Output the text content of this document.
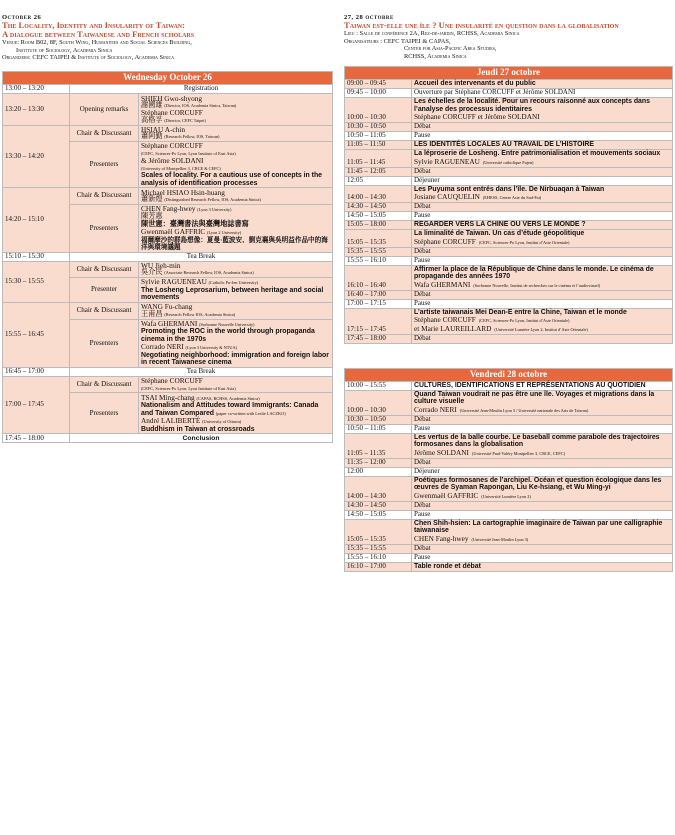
October 26
The Locality, Identity and Insularity of Taiwan:
A dialogue between Taiwanese and French scholars
Venue: Room B02, 8F, South Wing, Humanities and Social Sciences Building,
Institute of Sociology, Academia Sinica
Organizers: CEFC TAIPEI & Institute of Sociology, Academia Sinica
Wednesday October 26		
13:00 – 13:20	Registration	
13:20 – 13:30	Opening remarks	SHIEH Gwo-shyong
謝國雄 (Director, IOS, Academia Sinica, Taiwan)
Stéphane CORCUFF
高格孚 (Director, CEFC Taipei)

13:30 – 14:20	Chair & Discussant	HSIAU A-chin
蕭阿勤 (Research Fellow, IOS, Taiwan)

	Presenters	Stéphane CORCUFF
(CEFC, Sciences-Po Lyon, Lyon Institute of East Asia)
& Jérôme SOLDANI
(University of Montpellier 3, CRCE & CEFC)
Scales of locality. For a cautious use of concepts in the analysis of identification processes

14:20 – 15:10	Chair & Discussant	Michael HSIAO Hsin-huang
蕭新煌 (Distinguished Research Fellow, IOS, Academia Sinica)

	Presenters	CHEN Fang-hwey (Lyon 3 University)
陳芳惠
陳世憲：臺灣書法與臺灣地誌書寫
Gwenmaël GAFFRIC (Lyon 2 University)
福爾摩沙的群島想像：夏曼·藍波安、劉克襄與吳明益作品中的海洋與環境議題

15:10 – 15:30	Tea Break	
15:30 – 15:55	Chair & Discussant	WU Jieh-min
吳介民 (Associate Research Fellow, IOS, Academia Sinica)

	Presenter	Sylvie RAGUENEAU (Catholic Fu-Jen University)
The Losheng Leprosarium, between heritage and social movements

15:55 – 16:45	Chair & Discussant	WANG Fu-chang
王甫昌 (Research Fellow IOS, Academia Sinica)

	Presenters	Wafa GHERMANI (Sorbonne Nouvelle University)
Promoting the ROC in the world through propaganda cinema in the 1970s
Corrado NERI (Lyon 3 University & NTUA)
Negotiating neighborhood: immigration and foreign labor in recent Taiwanese cinema

16:45 – 17:00	Tea Break	
17:00 – 17:45	Chair & Discussant	Stéphane CORCUFF
(CEFC, Sciences-Po Lyon, Lyon Institute of East Asia)

	Presenters	TSAI Ming-chang (CAPAS, RCHSS, Academia Sinica)
Nationalism and Attitudes toward Immigrants: Canada and Taiwan Compared (paper co-written with Leslie LACZKO)
André LALIBERTÉ (University of Ottawa)
Buddhism in Taiwan at crossroads

17:45 – 18:00	Conclusion	
27, 28 octobre
Taiwan est-elle une île ? Une insularité en question dans la globalisation
Lieu : Salle de conférence 2A, Rez-de-jardin, RCHSS, Academia Sinica
Organisateurs : CEFC TAIPEI & CAPAS,
Center for Asia-Pacific Area Studies,
RCHSS, Academia Sinica
Jeudi 27 octobre	
09:00 – 09:45	Accueil des intervenants et du public

09:45 – 10:00	Ouverture par Stéphane CORCUFF et Jérôme SOLDANI

10:00 – 10:30	Les échelles de la localité. Pour un recours raisonné aux concepts dans l’analyse des processus identitaires
Stéphane CORCUFF et Jérôme SOLDANI

10:30 – 10:50	Débat

10:50 – 11:05	Pause

11:05 – 11:50	LES IDENTITÉS LOCALES AU TRAVAIL DE L’HISTOIRE

11:05 – 11:45	La léproserie de Losheng. Entre patrimonialisation et mouvements sociaux
Sylvie RAGUENEAU (Université catholique Fujen)

11:45 – 12:05	Débat

12:05	Déjeuner

14:00 – 14:30	Les Puyuma sont entrés dans l’île. De Nirbuaqan à Taiwan
Josiane CAUQUELIN (EHESS, Centre Asie du Sud-Est)

14:30 – 14:50	Débat

14:50 – 15:05	Pause

15:05 – 18:00	REGARDER VERS LA CHINE OU VERS LE MONDE ?

15:05 – 15:35	La liminalité de Taiwan. Un cas d’étude géopolitique
Stéphane CORCUFF (CEFC, Sciences-Po Lyon, Institut d’Asie Orientale)

15:35 – 15:55	Débat

15:55 – 16:10	Pause

16:10 – 16:40	Affirmer la place de la République de Chine dans le monde. Le cinéma de propagande des années 1970
Wafa GHERMANI (Sorbonne Nouvelle, Institut de recherches sur le cinéma et l’audiovisuel)

16:40 – 17:00	Débat

17:00 – 17:15	Pause

17:15 – 17:45	L’artiste taiwanais Mei Dean-E entre la Chine, Taiwan et le monde
Stéphane CORCUFF (CEFC, Sciences-Po Lyon, Institut d’Asie Orientale)
et Marie LAUREILLARD (Université Lumière Lyon 2, Institut d’Asie Orientale)

17:45 – 18:00	Débat
Vendredi 28 octobre	
10:00 – 15:55	CULTURES, IDENTIFICATIONS ET REPRÉSENTATIONS AU QUOTIDIEN

10:00 – 10:30	Quand Taiwan voudrait ne pas être une île. Voyages et migrations dans la culture visuelle
Corrado NERI (Université Jean-Moulin Lyon 3 / Université nationale des Arts de Taiwan)

10:30 – 10:50	Débat

10:50 – 11:05	Pause

11:05 – 11:35	Les vertus de la balle courbe. Le baseball comme parabole des trajectoires formosanes dans la globalisation
Jérôme SOLDANI (Université Paul-Valéry Montpellier 3, CRCE, CEFC)

11:35 – 12:00	Débat

12:00	Déjeuner

14:00 – 14:30	Poétiques formosanes de l’archipel. Océan et question écologique dans les œuvres de Syaman Rapongan, Liu Ke-hsiang, et Wu Ming-yi
Gwenmaël GAFFRIC (Université Lumière Lyon 2)

14:30 – 14:50	Débat

14:50 – 15:05	Pause

15:05 – 15:35	Chen Shih-hsien: La cartographie imaginaire de Taiwan par une calligraphie taiwanaise
CHEN Fang-hwey (Université Jean-Moulin Lyon 3)

15:35 – 15:55	Débat

15:55 – 16:10	Pause

16:10 – 17:00	Table ronde et débat
